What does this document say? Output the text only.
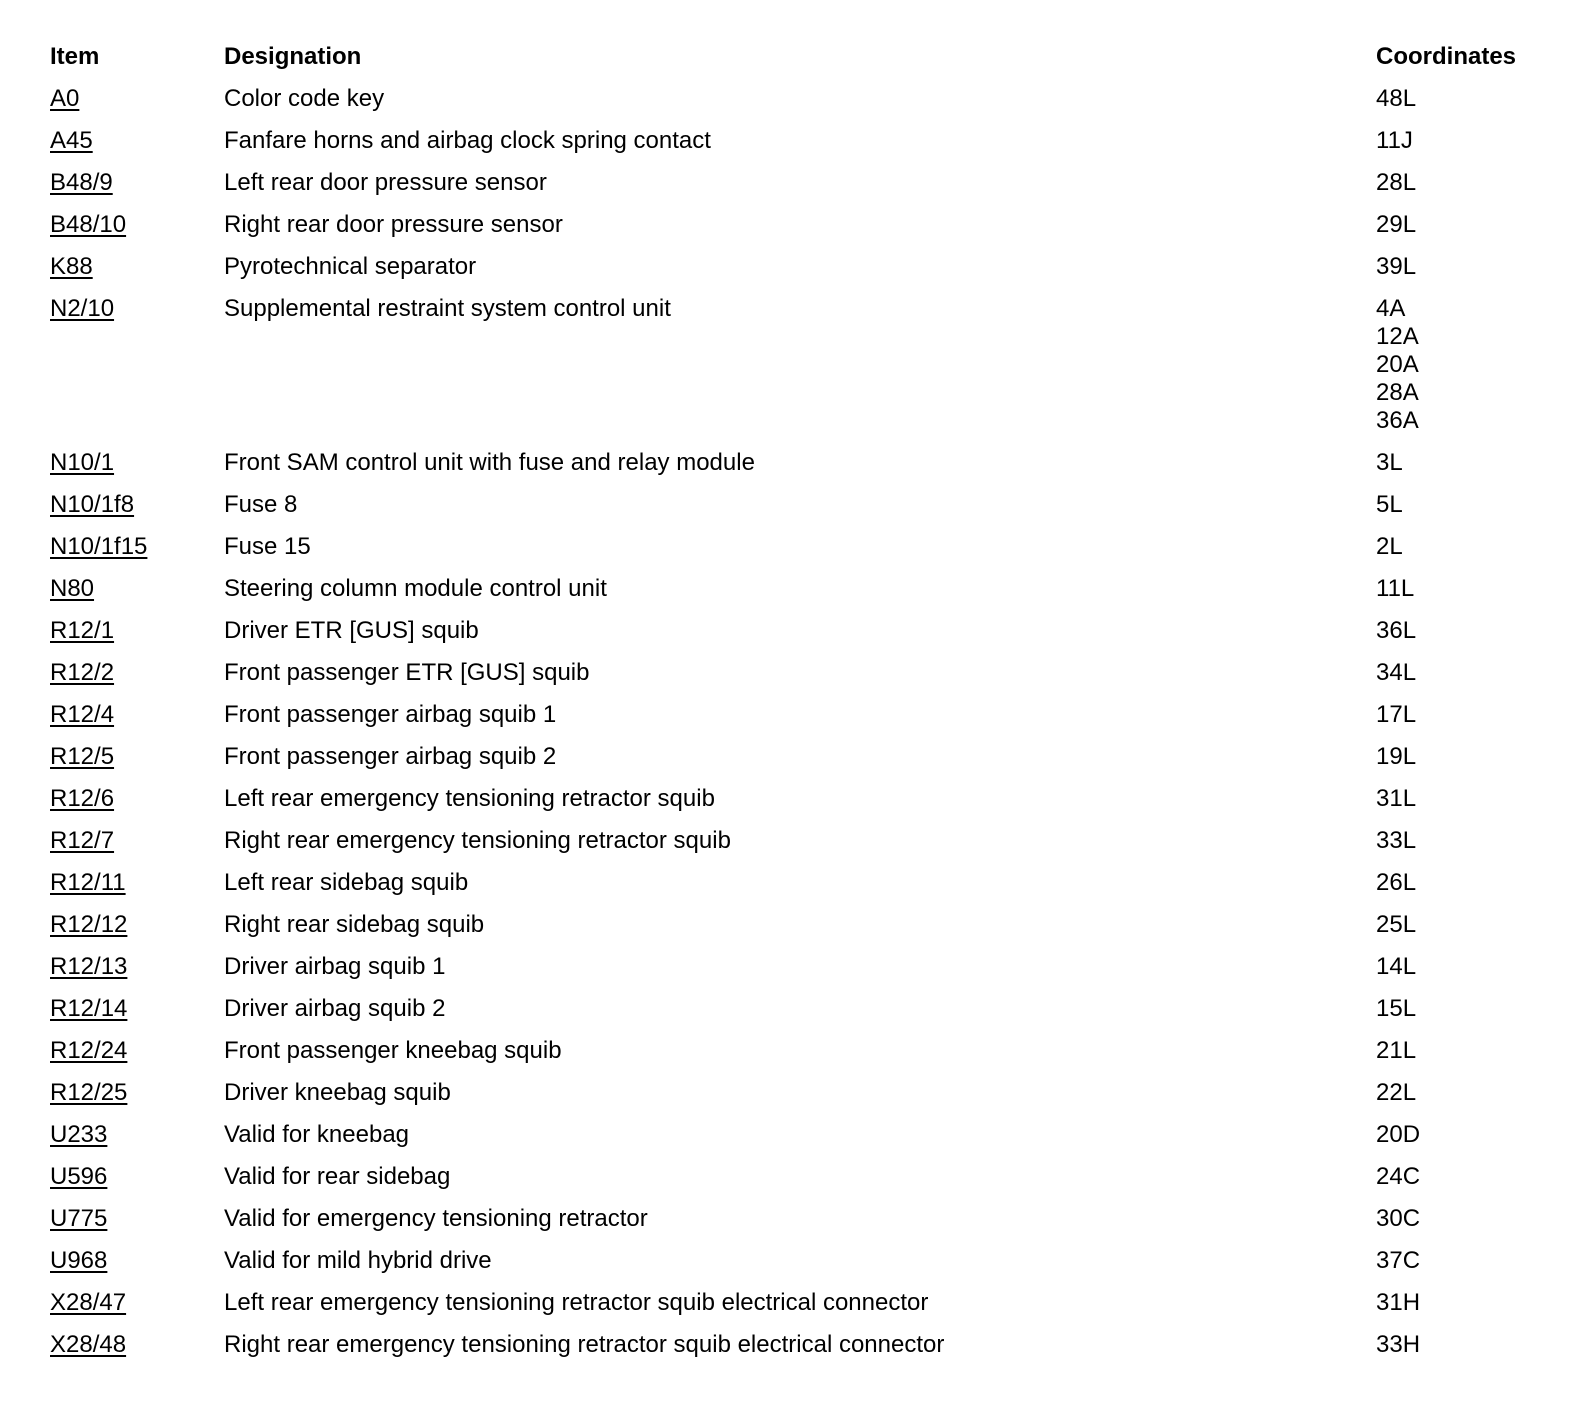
Item	Designation	Coordinates
A0	Color code key	48L
A45	Fanfare horns and airbag clock spring contact	11J
B48/9	Left rear door pressure sensor	28L
B48/10	Right rear door pressure sensor	29L
K88	Pyrotechnical separator	39L
N2/10	Supplemental restraint system control unit	4A
12A
20A
28A
36A
N10/1	Front SAM control unit with fuse and relay module	3L
N10/1f8	Fuse 8	5L
N10/1f15	Fuse 15	2L
N80	Steering column module control unit	11L
R12/1	Driver ETR [GUS] squib	36L
R12/2	Front passenger ETR [GUS] squib	34L
R12/4	Front passenger airbag squib 1	17L
R12/5	Front passenger airbag squib 2	19L
R12/6	Left rear emergency tensioning retractor squib	31L
R12/7	Right rear emergency tensioning retractor squib	33L
R12/11	Left rear sidebag squib	26L
R12/12	Right rear sidebag squib	25L
R12/13	Driver airbag squib 1	14L
R12/14	Driver airbag squib 2	15L
R12/24	Front passenger kneebag squib	21L
R12/25	Driver kneebag squib	22L
U233	Valid for kneebag	20D
U596	Valid for rear sidebag	24C
U775	Valid for emergency tensioning retractor	30C
U968	Valid for mild hybrid drive	37C
X28/47	Left rear emergency tensioning retractor squib electrical connector	31H
X28/48	Right rear emergency tensioning retractor squib electrical connector	33H
